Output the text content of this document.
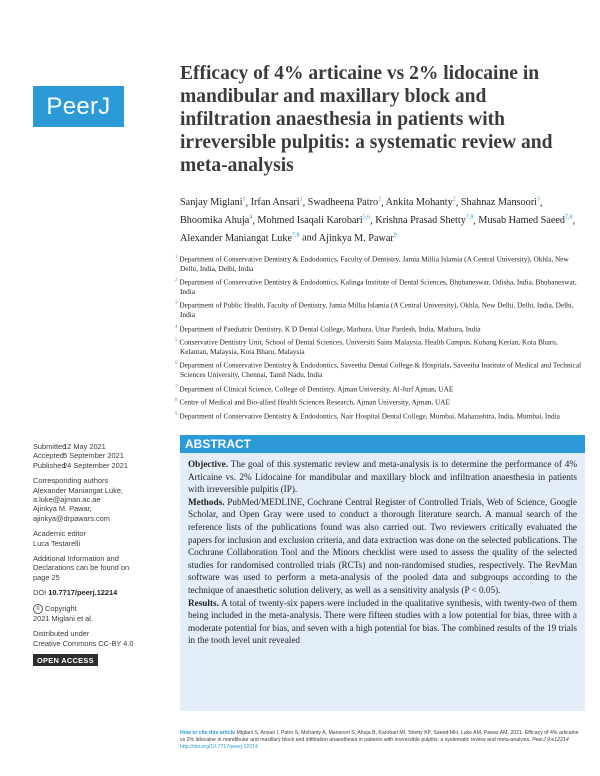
PeerJ
Efficacy of 4% articaine vs 2% lidocaine in mandibular and maxillary block and infiltration anaesthesia in patients with irreversible pulpitis: a systematic review and meta-analysis
Sanjay Miglani$^1$, Irfan Ansari$^1$, Swadheena Patro$^2$, Ankita Mohanty$^2$, Shahnaz Mansoori$^3$, Bhoomika Ahuja$^4$, Mohmed Isaqali Karobari$^{5,6}$, Krishna Prasad Shetty$^{7,8}$, Musab Hamed Saeed$^{7,8}$, Alexander Maniangat Luke$^{7,8}$ and Ajinkya M. Pawar$^9$
$^1$ Department of Conservative Dentistry & Endodontics, Faculty of Dentistry, Jamia Millia Islamia (A Central University), Okhla, New Delhi, India, Delhi, India
$^2$ Department of Conservative Dentistry & Endodontics, Kalinga Institute of Dental Sciences, Bhubaneswar, Odisha, India, Bhubaneswar, India
$^3$ Department of Public Health, Faculty of Dentistry, Jamia Millia Islamia (A Central University), Okhla, New Delhi, Delhi, India, Delhi, India
$^4$ Department of Paediatric Dentistry, K D Dental College, Mathura, Uttar Pardesh, India, Mathura, India
$^5$ Conservative Dentistry Unit, School of Dental Sciences, Universiti Sains Malaysia, Health Campus, Kubang Kerian, Kota Bharu, Kelantan, Malaysia, Kota Bharu, Malaysia
$^6$ Department of Conservative Dentistry & Endodontics, Saveetha Dental College & Hospitals, Saveetha Institute of Medical and Technical Sciences University, Chennai, Tamil Nadu, India
$^7$ Department of Clinical Science, College of Dentistry, Ajman University, Al-Jurf Ajman, UAE
$^8$ Centre of Medical and Bio-allied Health Sciences Research, Ajman University, Ajman, UAE
$^9$ Department of Conservative Dentistry & Endodontics, Nair Hospital Dental College, Mumbai, Maharashtra, India, Mumbai, India
Submitted 12 May 2021
Accepted 5 September 2021
Published 24 September 2021
Corresponding authors
Alexander Maniangat Luke,
a.luke@ajman.ac.ae
Ajinkya M. Pawar,
ajinkya@drpawars.com
Academic editor
Luca Testarelli
Additional Information and
Declarations can be found on
page 25
DOI 10.7717/peerj.12214
© Copyright
2021 Miglani et al.
Distributed under
Creative Commons CC-BY 4.0
OPEN ACCESS
ABSTRACT

Objective. The goal of this systematic review and meta-analysis is to determine the performance of 4% Articaine vs. 2% Lidocaine for mandibular and maxillary block and infiltration anaesthesia in patients with irreversible pulpitis (IP).

Methods. PubMed/MEDLINE, Cochrane Central Register of Controlled Trials, Web of Science, Google Scholar, and Open Gray were used to conduct a thorough literature search. A manual search of the reference lists of the publications found was also carried out. Two reviewers critically evaluated the papers for inclusion and exclusion criteria, and data extraction was done on the selected publications. The Cochrane Collaboration Tool and the Minors checklist were used to assess the quality of the selected studies for randomised controlled trials (RCTs) and non-randomised studies, respectively. The RevMan software was used to perform a meta-analysis of the pooled data and subgroups according to the technique of anaesthetic solution delivery, as well as a sensitivity analysis (P < 0.05).

Results. A total of twenty-six papers were included in the qualitative synthesis, with twenty-two of them being included in the meta-analysis. There were fifteen studies with a low potential for bias, three with a moderate potential for bias, and seven with a high potential for bias. The combined results of the 19 trials in the tooth level unit revealed

How to cite this article Miglani S, Ansari I, Patro S, Mohanty A, Mansoori S, Ahuja B, Karobari MI, Shetty KP, Saeed MH, Luke AM, Pawar AM. 2021. Efficacy of 4% articaine vs 2% lidocaine in mandibular and maxillary block and infiltration anaesthesia in patients with irreversible pulpitis: a systematic review and meta-analysis. PeerJ 9:e12214 http://doi.org/10.7717/peerj.12214
